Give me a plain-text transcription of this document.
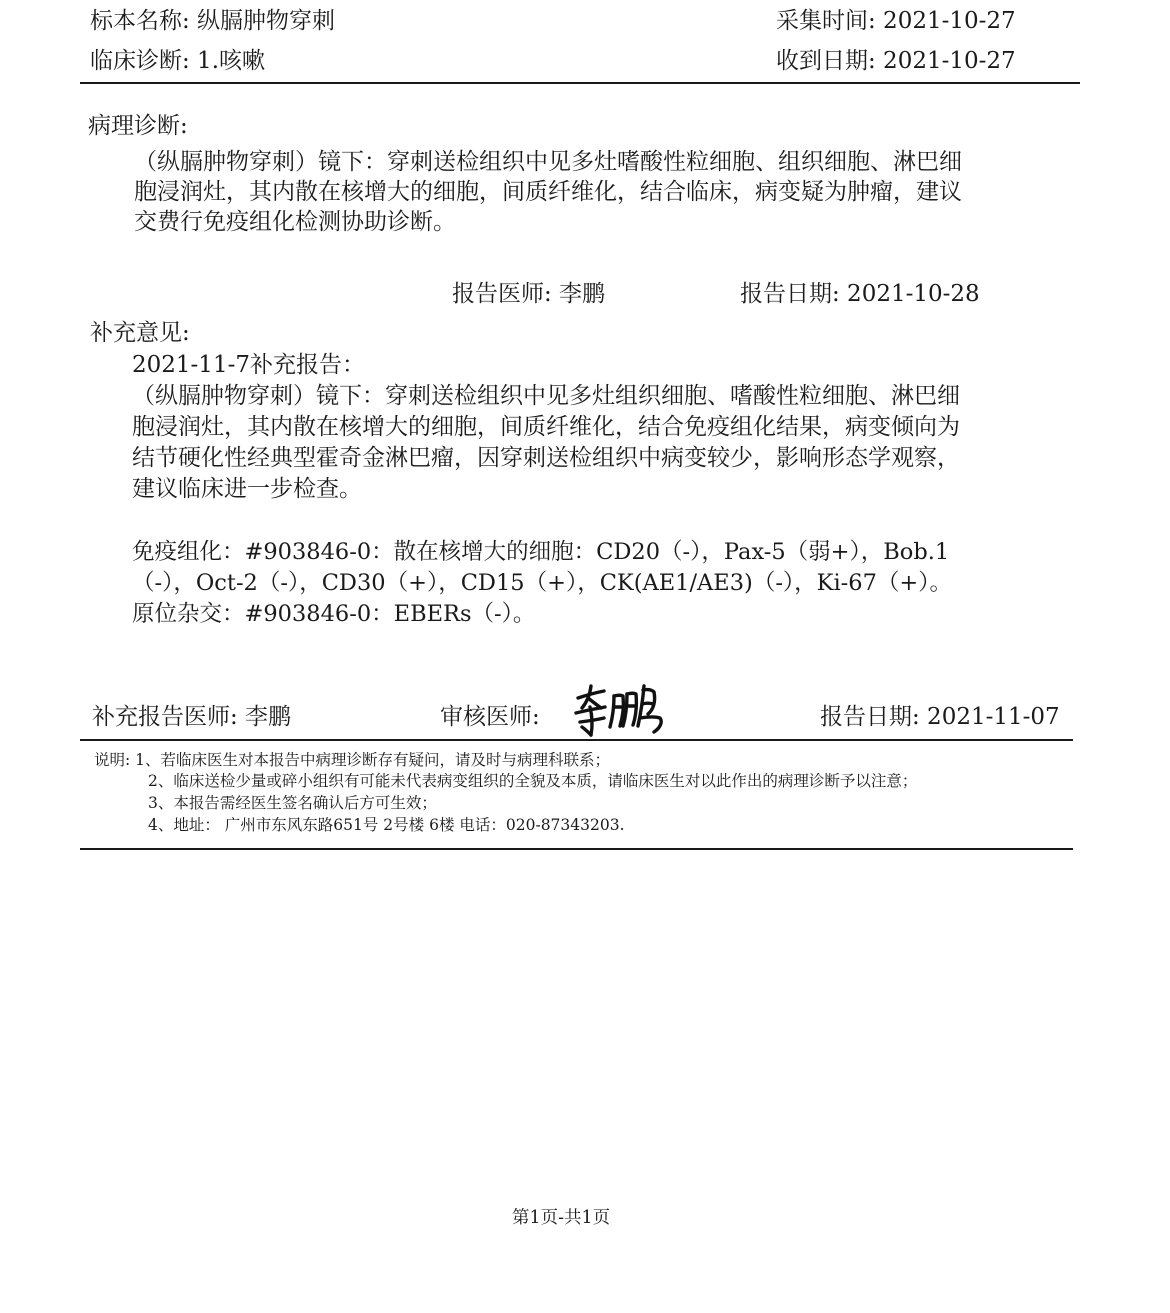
标本名称: 纵膈肿物穿刺	采集时间: 2021-10-27
临床诊断: 1.咳嗽	收到日期: 2021-10-27
病理诊断:
（纵膈肿物穿刺）镜下：穿刺送检组织中见多灶嗜酸性粒细胞、组织细胞、淋巴细
胞浸润灶，其内散在核增大的细胞，间质纤维化，结合临床，病变疑为肿瘤，建议
交费行免疫组化检测协助诊断。
报告医师: 李鹏	报告日期: 2021-10-28
补充意见:
2021-11-7补充报告：
（纵膈肿物穿刺）镜下：穿刺送检组织中见多灶组织细胞、嗜酸性粒细胞、淋巴细
胞浸润灶，其内散在核增大的细胞，间质纤维化，结合免疫组化结果，病变倾向为
结节硬化性经典型霍奇金淋巴瘤，因穿刺送检组织中病变较少，影响形态学观察，
建议临床进一步检查。
免疫组化：#903846-0：散在核增大的细胞：CD20（-），Pax-5（弱+），Bob.1
（-），Oct-2（-），CD30（+），CD15（+），CK(AE1/AE3)（-），Ki-67（+）。
原位杂交：#903846-0：EBERs（-）。
补充报告医师: 李鹏	审核医师:	报告日期: 2021-11-07
说明: 1、若临床医生对本报告中病理诊断存有疑问，请及时与病理科联系；
2、临床送检少量或碎小组织有可能未代表病变组织的全貌及本质，请临床医生对以此作出的病理诊断予以注意；
3、本报告需经医生签名确认后方可生效；
4、地址： 广州市东风东路651号 2号楼 6楼 电话：020-87343203.
第1页-共1页
